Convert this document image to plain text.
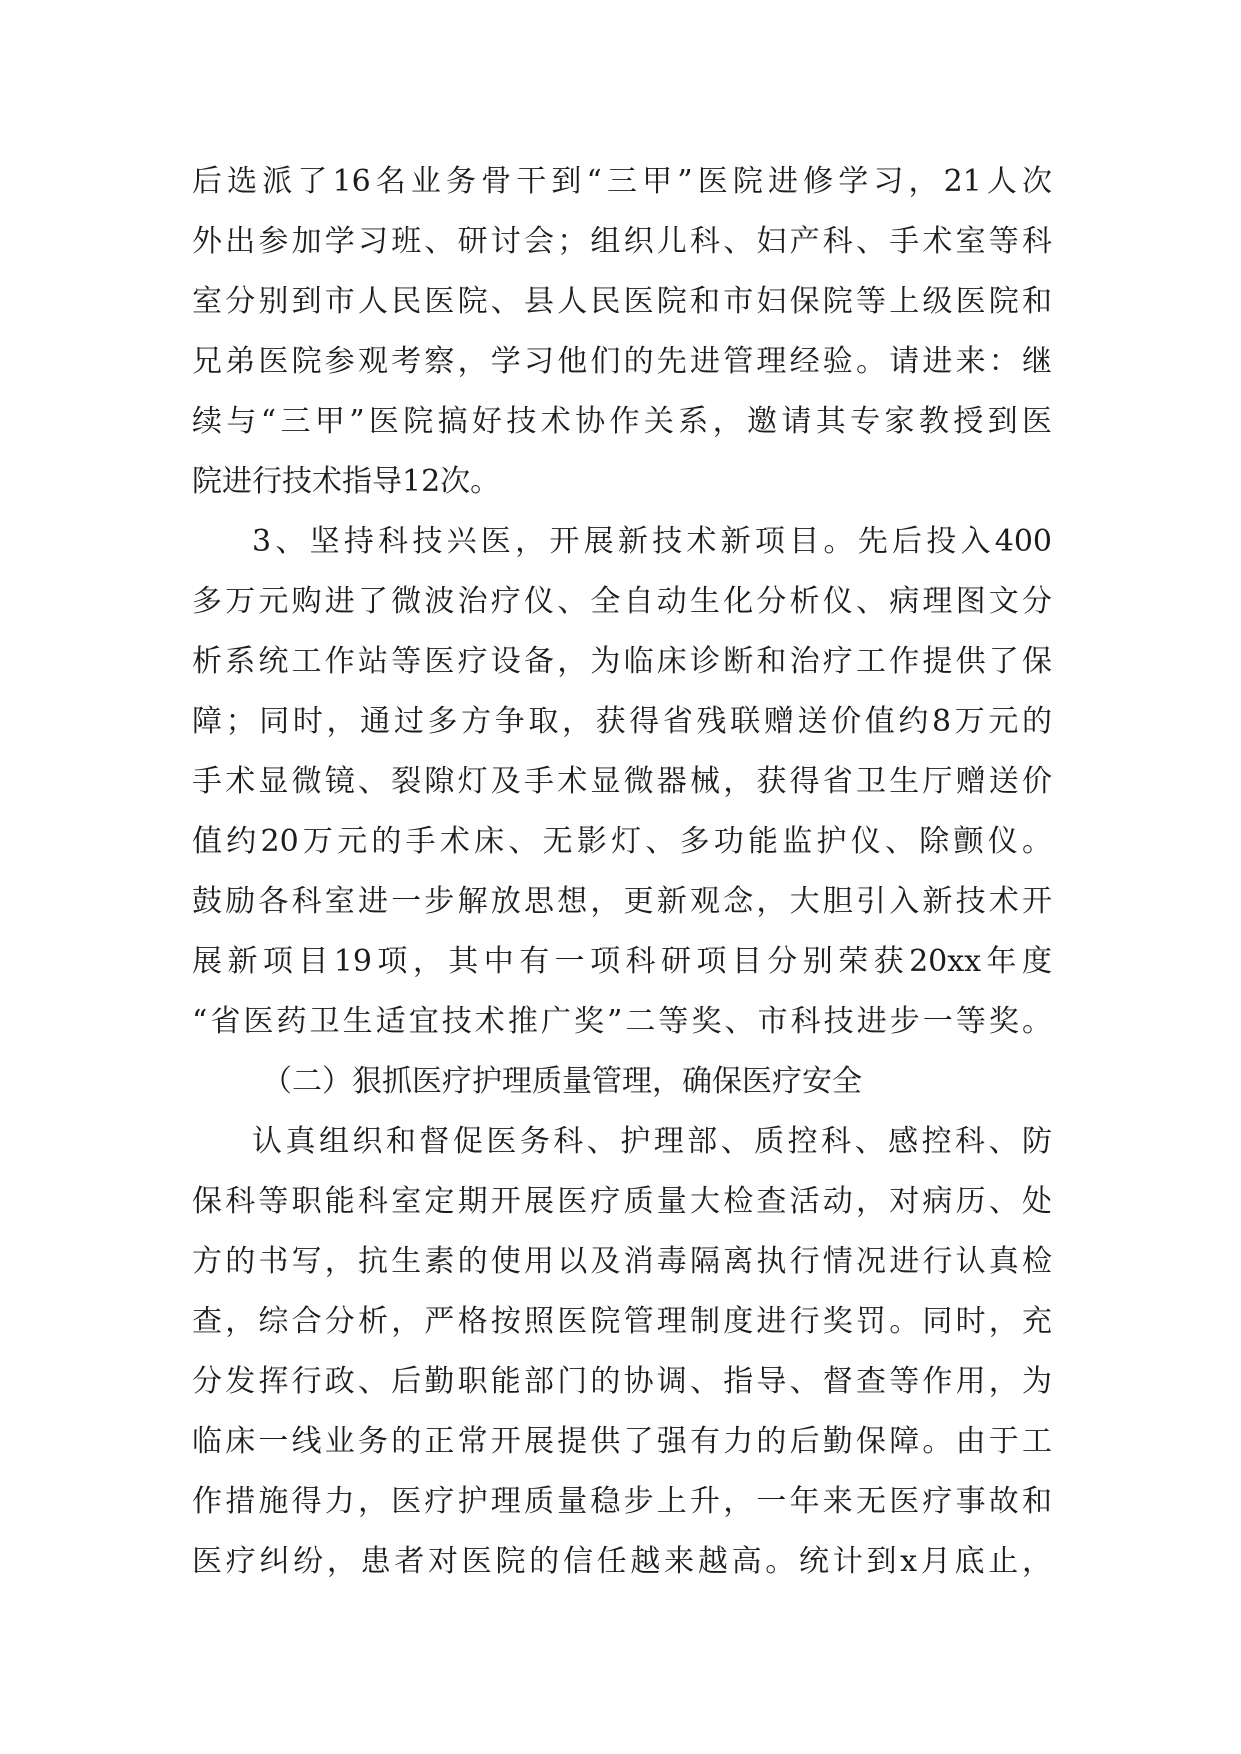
后选派了16名业务骨干到“三甲”医院进修学习，21人次
外出参加学习班、研讨会；组织儿科、妇产科、手术室等科
室分别到市人民医院、县人民医院和市妇保院等上级医院和
兄弟医院参观考察，学习他们的先进管理经验。请进来：继
续与“三甲”医院搞好技术协作关系，邀请其专家教授到医
院进行技术指导12次。
3、坚持科技兴医，开展新技术新项目。先后投入400
多万元购进了微波治疗仪、全自动生化分析仪、病理图文分
析系统工作站等医疗设备，为临床诊断和治疗工作提供了保
障；同时，通过多方争取，获得省残联赠送价值约8万元的
手术显微镜、裂隙灯及手术显微器械，获得省卫生厅赠送价
值约20万元的手术床、无影灯、多功能监护仪、除颤仪。
鼓励各科室进一步解放思想，更新观念，大胆引入新技术开
展新项目19项，其中有一项科研项目分别荣获20xx年度
“省医药卫生适宜技术推广奖”二等奖、市科技进步一等奖。
（二）狠抓医疗护理质量管理，确保医疗安全
认真组织和督促医务科、护理部、质控科、感控科、防
保科等职能科室定期开展医疗质量大检查活动，对病历、处
方的书写，抗生素的使用以及消毒隔离执行情况进行认真检
查，综合分析，严格按照医院管理制度进行奖罚。同时，充
分发挥行政、后勤职能部门的协调、指导、督查等作用，为
临床一线业务的正常开展提供了强有力的后勤保障。由于工
作措施得力，医疗护理质量稳步上升，一年来无医疗事故和
医疗纠纷，患者对医院的信任越来越高。统计到x月底止，
